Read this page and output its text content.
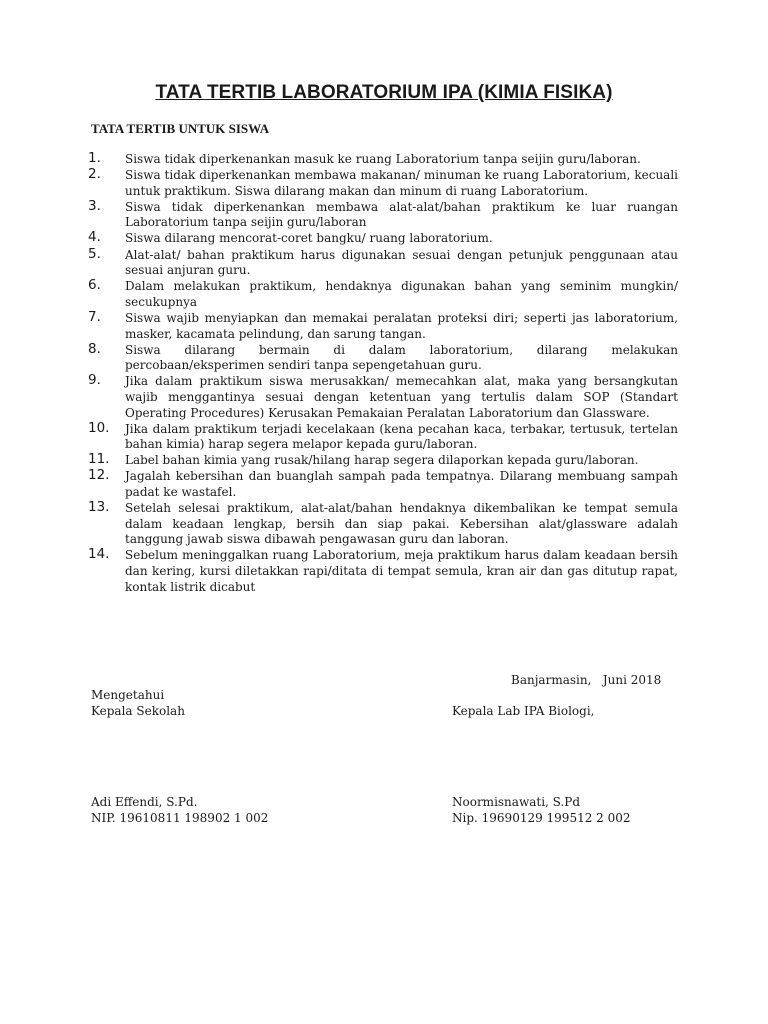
TATA TERTIB LABORATORIUM IPA (KIMIA FISIKA)
TATA TERTIB UNTUK SISWA
1. Siswa tidak diperkenankan masuk ke ruang Laboratorium tanpa seijin guru/laboran.
2. Siswa tidak diperkenankan membawa makanan/ minuman ke ruang Laboratorium, kecuali untuk praktikum. Siswa dilarang makan dan minum di ruang Laboratorium.
3. Siswa tidak diperkenankan membawa alat-alat/bahan praktikum ke luar ruangan Laboratorium tanpa seijin guru/laboran
4. Siswa dilarang mencorat-coret bangku/ ruang laboratorium.
5. Alat-alat/ bahan praktikum harus digunakan sesuai dengan petunjuk penggunaan atau sesuai anjuran guru.
6. Dalam melakukan praktikum, hendaknya digunakan bahan yang seminim mungkin/ secukupnya
7. Siswa wajib menyiapkan dan memakai peralatan proteksi diri; seperti jas laboratorium, masker, kacamata pelindung, dan sarung tangan.
8. Siswa dilarang bermain di dalam laboratorium, dilarang melakukan percobaan/eksperimen sendiri tanpa sepengetahuan guru.
9. Jika dalam praktikum siswa merusakkan/ memecahkan alat, maka yang bersangkutan wajib menggantinya sesuai dengan ketentuan yang tertulis dalam SOP (Standart Operating Procedures) Kerusakan Pemakaian Peralatan Laboratorium dan Glassware.
10. Jika dalam praktikum terjadi kecelakaan (kena pecahan kaca, terbakar, tertusuk, tertelan bahan kimia) harap segera melapor kepada guru/laboran.
11. Label bahan kimia yang rusak/hilang harap segera dilaporkan kepada guru/laboran.
12. Jagalah kebersihan dan buanglah sampah pada tempatnya. Dilarang membuang sampah padat ke wastafel.
13. Setelah selesai praktikum, alat-alat/bahan hendaknya dikembalikan ke tempat semula dalam keadaan lengkap, bersih dan siap pakai. Kebersihan alat/glassware adalah tanggung jawab siswa dibawah pengawasan guru dan laboran.
14. Sebelum meninggalkan ruang Laboratorium, meja praktikum harus dalam keadaan bersih dan kering, kursi diletakkan rapi/ditata di tempat semula, kran air dan gas ditutup rapat, kontak listrik dicabut
Banjarmasin,   Juni 2018
Mengetahui
Kepala Sekolah	Kepala Lab IPA Biologi,
Adi Effendi, S.Pd.
NIP. 19610811 198902 1 002
Noormisnawati, S.Pd
Nip. 19690129 199512 2 002
